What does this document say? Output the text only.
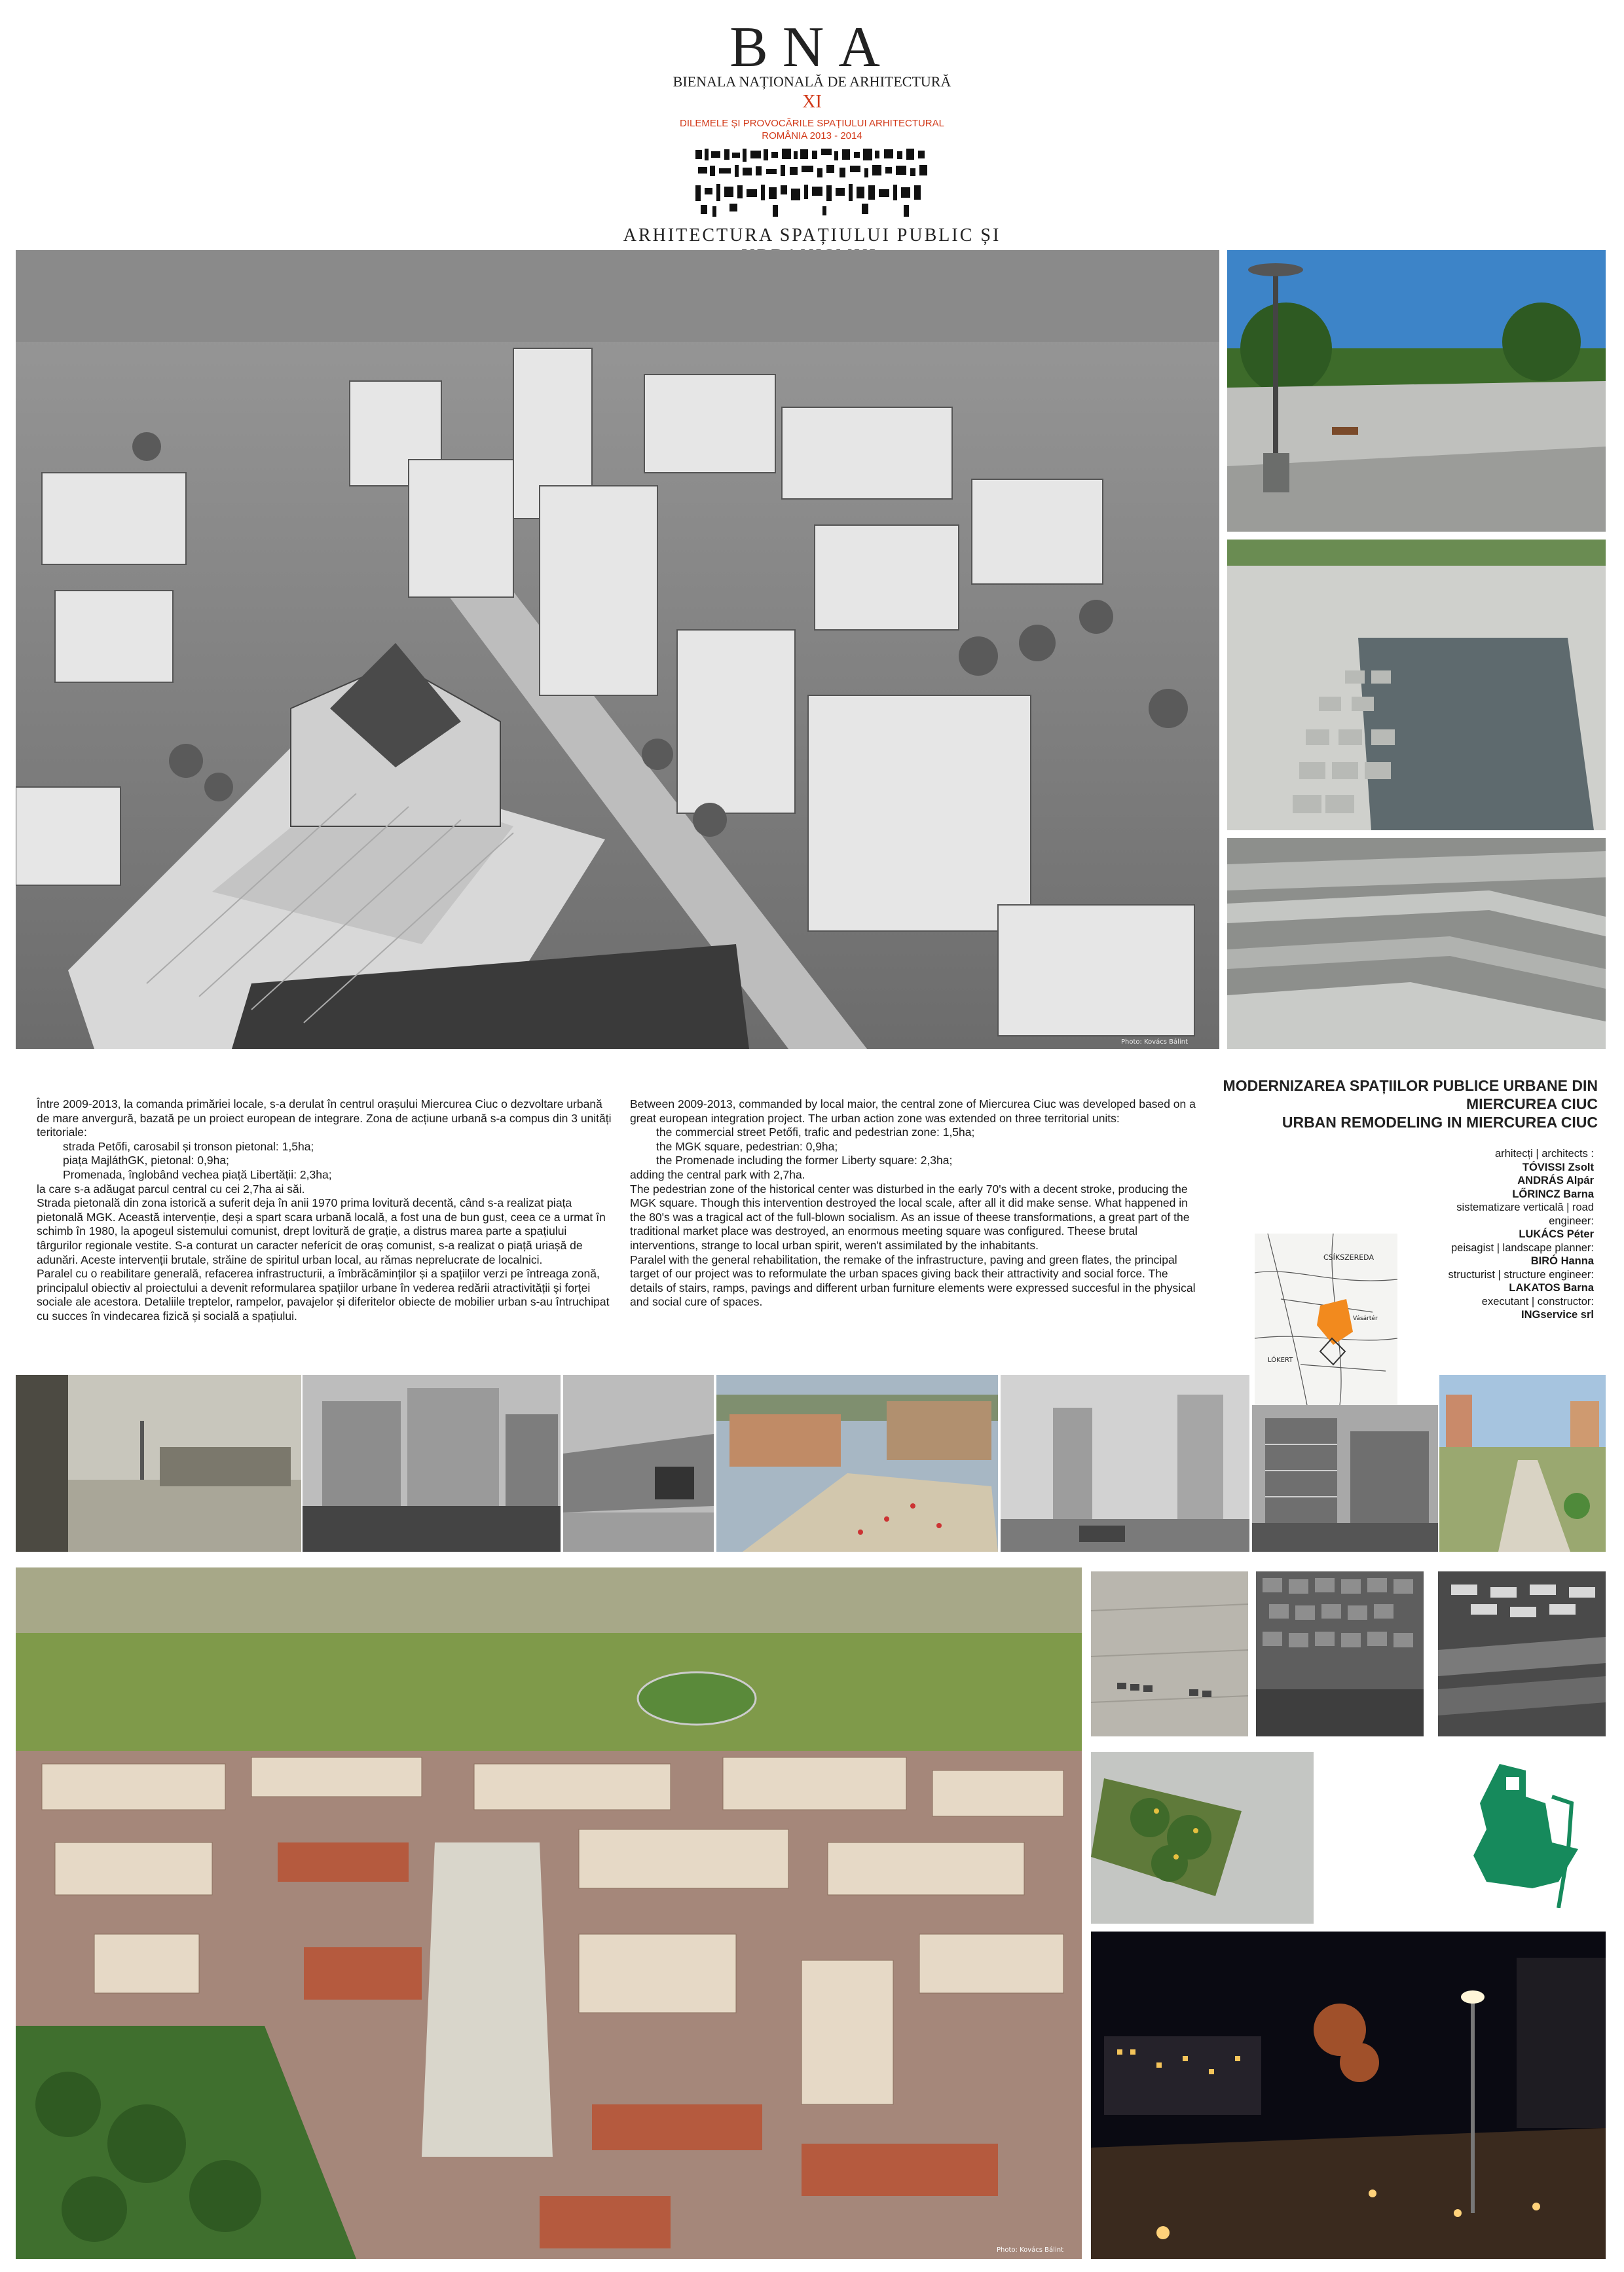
BNA
BIENALA NAȚIONALĂ DE ARHITECTURĂ
XI
DILEMELE ȘI PROVOCĂRILE SPAȚIULUI ARHITECTURAL
ROMÂNIA 2013 - 2014
ARHITECTURA SPAȚIULUI PUBLIC ȘI
Photo: Kovács Bálint

Între 2009-2013, la comanda primăriei locale, s-a derulat în centrul orașului Miercurea Ciuc o dezvoltare urbană de mare anvergură, bazată pe un proiect european de integrare. Zona de acțiune urbană s-a compus din 3 unități teritoriale:

strada Petőfi, carosabil și tronson pietonal: 1,5ha;

piața MajláthGK, pietonal: 0,9ha;

Promenada, înglobând vechea piață Libertății: 2,3ha;

la care s-a adăugat parcul central cu cei 2,7ha ai săi.

Strada pietonală din zona istorică a suferit deja în anii 1970 prima lovitură decentă, când s-a realizat piața pietonală MGK. Această intervenție, deși a spart scara urbană locală, a fost una de bun gust, ceea ce a urmat în schimb în 1980, la apogeul sistemului comunist, drept lovitură de grație, a distrus marea parte a spațiului târgurilor regionale vestite. S-a conturat un caracter neferícit de oraș comunist, s-a realizat o piață uriașă de adunări. Aceste intervenții brutale, străine de spiritul urban local, au rămas neprelucrate de localnici.

Paralel cu o reabilitare generală, refacerea infrastructurii, a îmbrăcăminților și a spațiilor verzi pe întreaga zonă, principalul obiectiv al proiectului a devenit reformularea spațiilor urbane în vederea redării atractivității și forței sociale ale acestora. Detaliile treptelor, rampelor, pavajelor și diferitelor obiecte de mobilier urban s-au întruchipat cu succes în vindecarea fizică și socială a spațiului.

Between 2009-2013, commanded by local maior, the central zone of Miercurea Ciuc was developed based on a great european integration project. The urban action zone was extended on three territorial units:

the commercial street Petőfi, trafic and pedestrian zone: 1,5ha;

the MGK square, pedestrian: 0,9ha;

the Promenade including the former Liberty square: 2,3ha;

adding the central park with 2,7ha.

The pedestrian zone of the historical center was disturbed in the early 70's with a decent stroke, producing the MGK square. Though this intervention destroyed the local scale, after all it did make sense. What happened in the 80's was a tragical act of the full-blown socialism. As an issue of theese transformations, a great part of the traditional market place was destroyed, an enormous meeting square was configured. Theese brutal interventions, strange to local urban spirit, weren't assimilated by the inhabitants.

Paralel with the general rehabilitation, the remake of the infrastructure, paving and green flates, the principal target of our project was to reformulate the urban spaces giving back their attractivity and social force. The details of stairs, ramps, pavings and different urban furniture elements were expressed succesful in the physical and social cure of spaces.

MODERNIZAREA SPAȚIILOR PUBLICE URBANE DIN
MIERCUREA CIUC
URBAN REMODELING IN MIERCUREA CIUC
arhitecți | architects :
TÓVISSI Zsolt
ANDRÁS Alpár
LŐRINCZ Barna
sistematizare verticală | road
engineer:
LUKÁCS Péter
peisagist | landscape planner:
BIRÓ Hanna
structurist | structure engineer:
LAKATOS Barna
executant | constructor:
INGservice srl
CSÍKSZEREDA
LÓKERT
Vásártér
Photo: Kovács Bálint
